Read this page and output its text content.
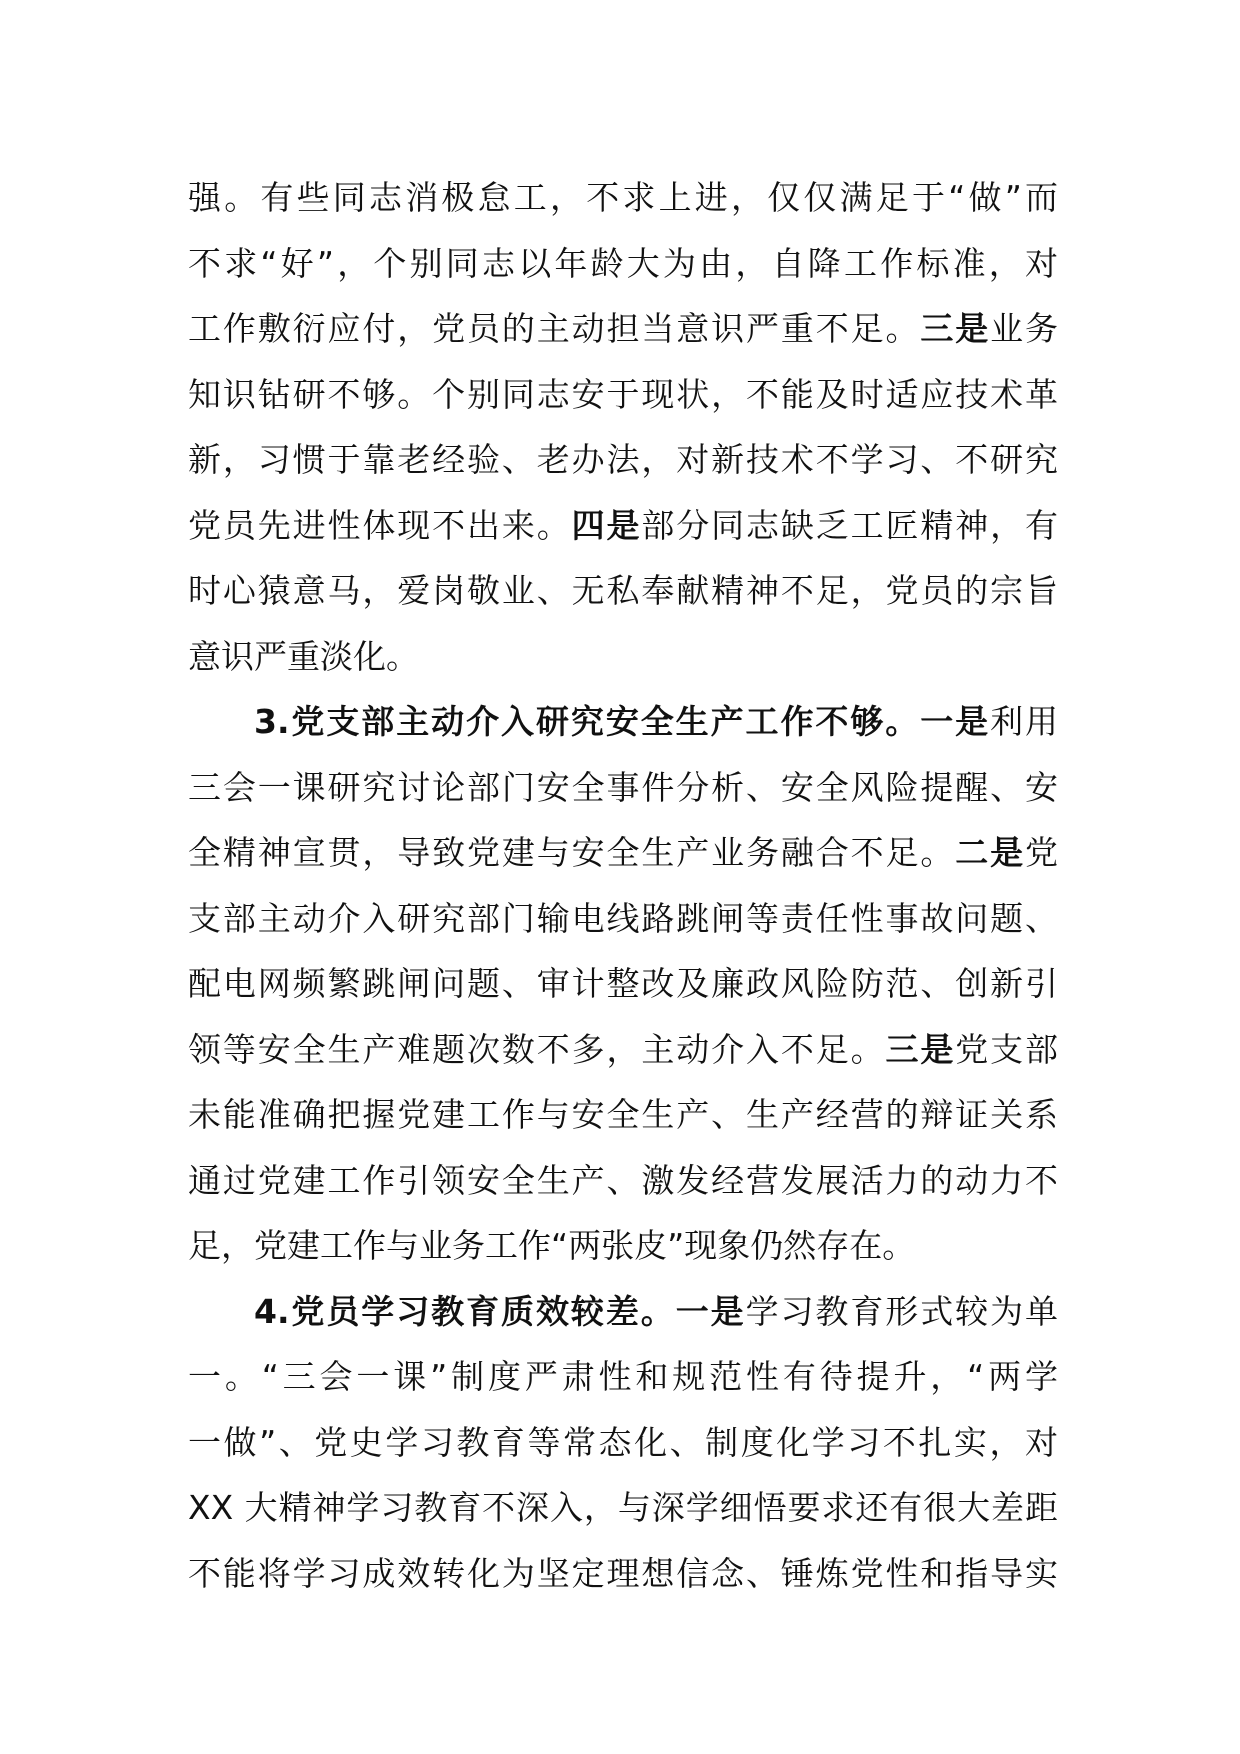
强。有些同志消极怠工，不求上进，仅仅满足于“做”而
不求“好”，个别同志以年龄大为由，自降工作标准，对
工作敷衍应付，党员的主动担当意识严重不足。三是业务
知识钻研不够。个别同志安于现状，不能及时适应技术革
新，习惯于靠老经验、老办法，对新技术不学习、不研究
党员先进性体现不出来。四是部分同志缺乏工匠精神，有
时心猿意马，爱岗敬业、无私奉献精神不足，党员的宗旨
意识严重淡化。
3.党支部主动介入研究安全生产工作不够。一是利用
三会一课研究讨论部门安全事件分析、安全风险提醒、安
全精神宣贯，导致党建与安全生产业务融合不足。二是党
支部主动介入研究部门输电线路跳闸等责任性事故问题、
配电网频繁跳闸问题、审计整改及廉政风险防范、创新引
领等安全生产难题次数不多，主动介入不足。三是党支部
未能准确把握党建工作与安全生产、生产经营的辩证关系
通过党建工作引领安全生产、激发经营发展活力的动力不
足，党建工作与业务工作“两张皮”现象仍然存在。
4.党员学习教育质效较差。一是学习教育形式较为单
一。“三会一课”制度严肃性和规范性有待提升，“两学
一做”、党史学习教育等常态化、制度化学习不扎实，对
XX 大精神学习教育不深入，与深学细悟要求还有很大差距
不能将学习成效转化为坚定理想信念、锤炼党性和指导实
